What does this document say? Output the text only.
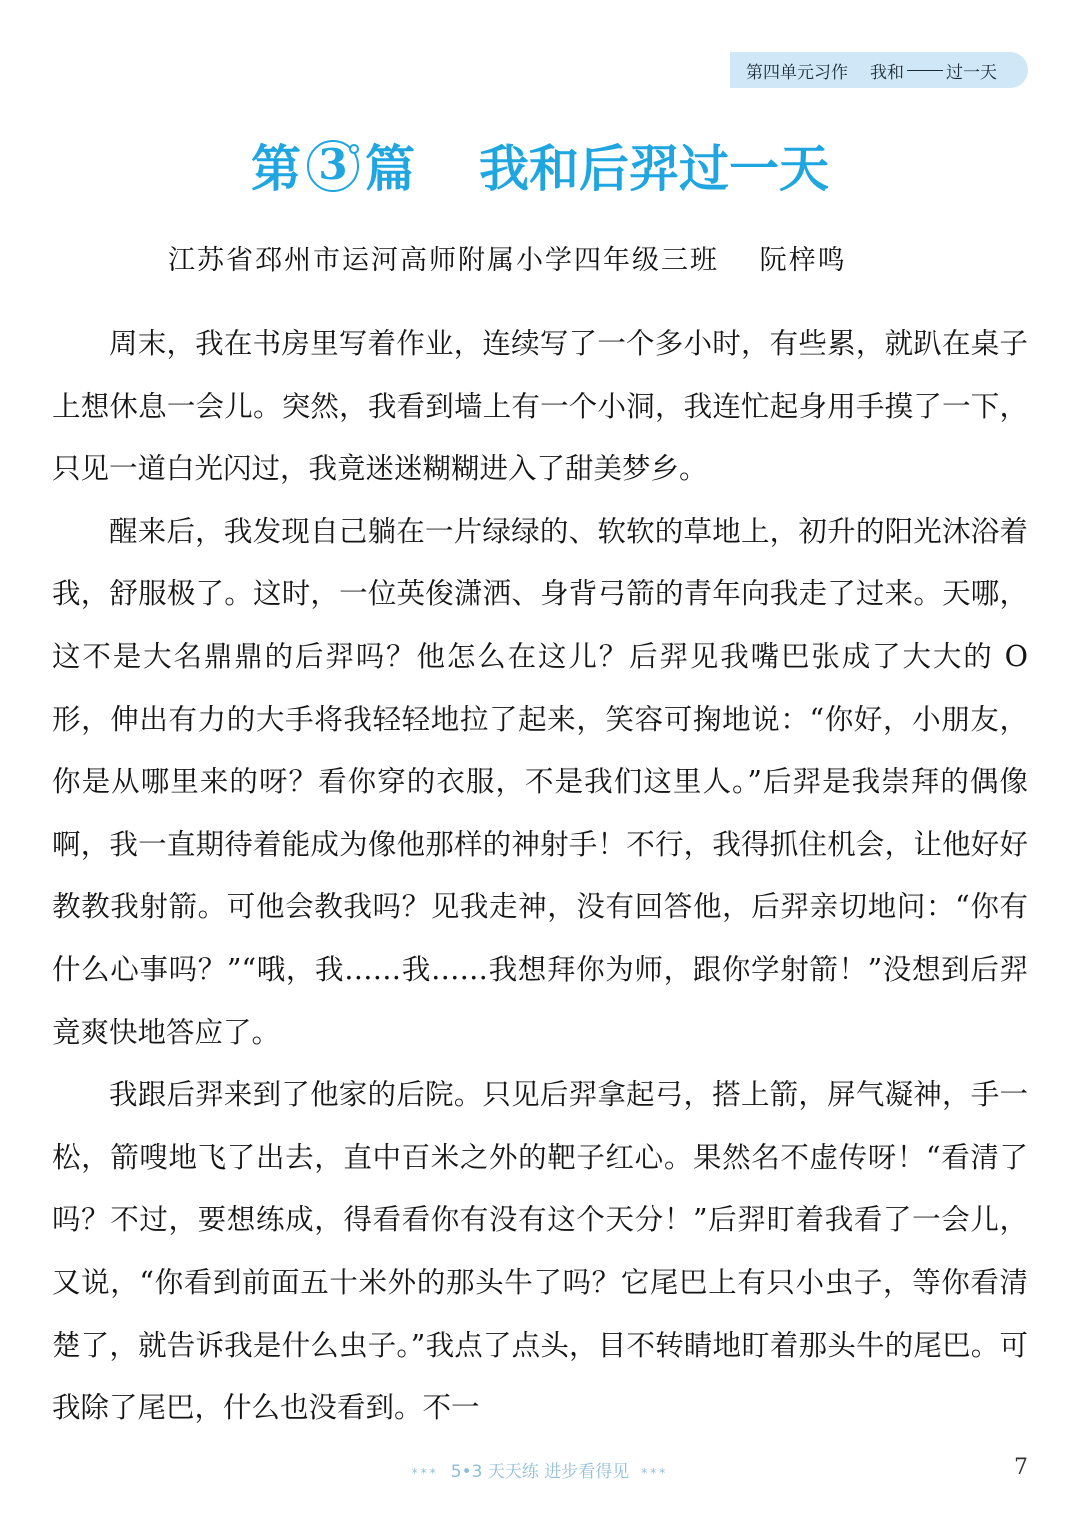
第四单元习作 我和 过一天
第 3 篇 我和后羿过一天
江苏省邳州市运河高师附属小学四年级三班 阮梓鸣

周末，我在书房里写着作业，连续写了一个多小时，有些累，就趴在桌子上想休息一会儿。突然，我看到墙上有一个小洞，我连忙起身用手摸了一下，只见一道白光闪过，我竟迷迷糊糊进入了甜美梦乡。

醒来后，我发现自己躺在一片绿绿的、软软的草地上，初升的阳光沐浴着我，舒服极了。这时，一位英俊潇洒、身背弓箭的青年向我走了过来。天哪，这不是大名鼎鼎的后羿吗？他怎么在这儿？后羿见我嘴巴张成了大大的 O 形，伸出有力的大手将我轻轻地拉了起来，笑容可掬地说：“你好，小朋友，你是从哪里来的呀？看你穿的衣服，不是我们这里人。”后羿是我崇拜的偶像啊，我一直期待着能成为像他那样的神射手！不行，我得抓住机会，让他好好教教我射箭。可他会教我吗？见我走神，没有回答他，后羿亲切地问：“你有什么心事吗？”“哦，我……我……我想拜你为师，跟你学射箭！”没想到后羿竟爽快地答应了。

我跟后羿来到了他家的后院。只见后羿拿起弓，搭上箭，屏气凝神，手一松，箭嗖地飞了出去，直中百米之外的靶子红心。果然名不虚传呀！“看清了吗？不过，要想练成，得看看你有没有这个天分！”后羿盯着我看了一会儿，又说，“你看到前面五十米外的那头牛了吗？它尾巴上有只小虫子，等你看清楚了，就告诉我是什么虫子。”我点了点头，目不转睛地盯着那头牛的尾巴。可我除了尾巴，什么也没看到。不一

*** 5•3 天天练 进步看得见 ***	7
